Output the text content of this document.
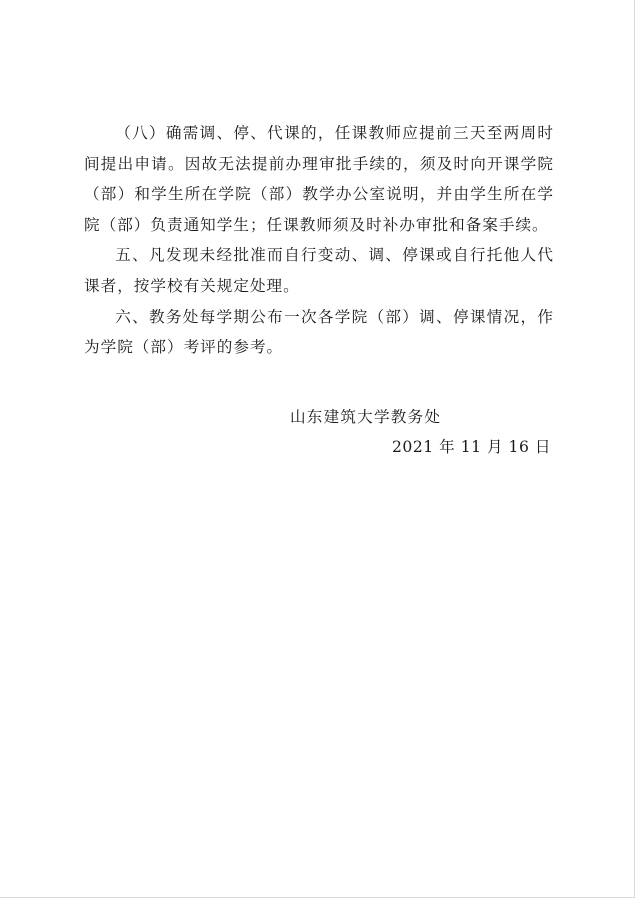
（八）确需调、停、代课的，任课教师应提前三天至两周时间提出申请。因故无法提前办理审批手续的，须及时向开课学院（部）和学生所在学院（部）教学办公室说明，并由学生所在学院（部）负责通知学生；任课教师须及时补办审批和备案手续。

五、凡发现未经批准而自行变动、调、停课或自行托他人代课者，按学校有关规定处理。

六、教务处每学期公布一次各学院（部）调、停课情况，作为学院（部）考评的参考。

山东建筑大学教务处
2021 年 11 月 16 日
